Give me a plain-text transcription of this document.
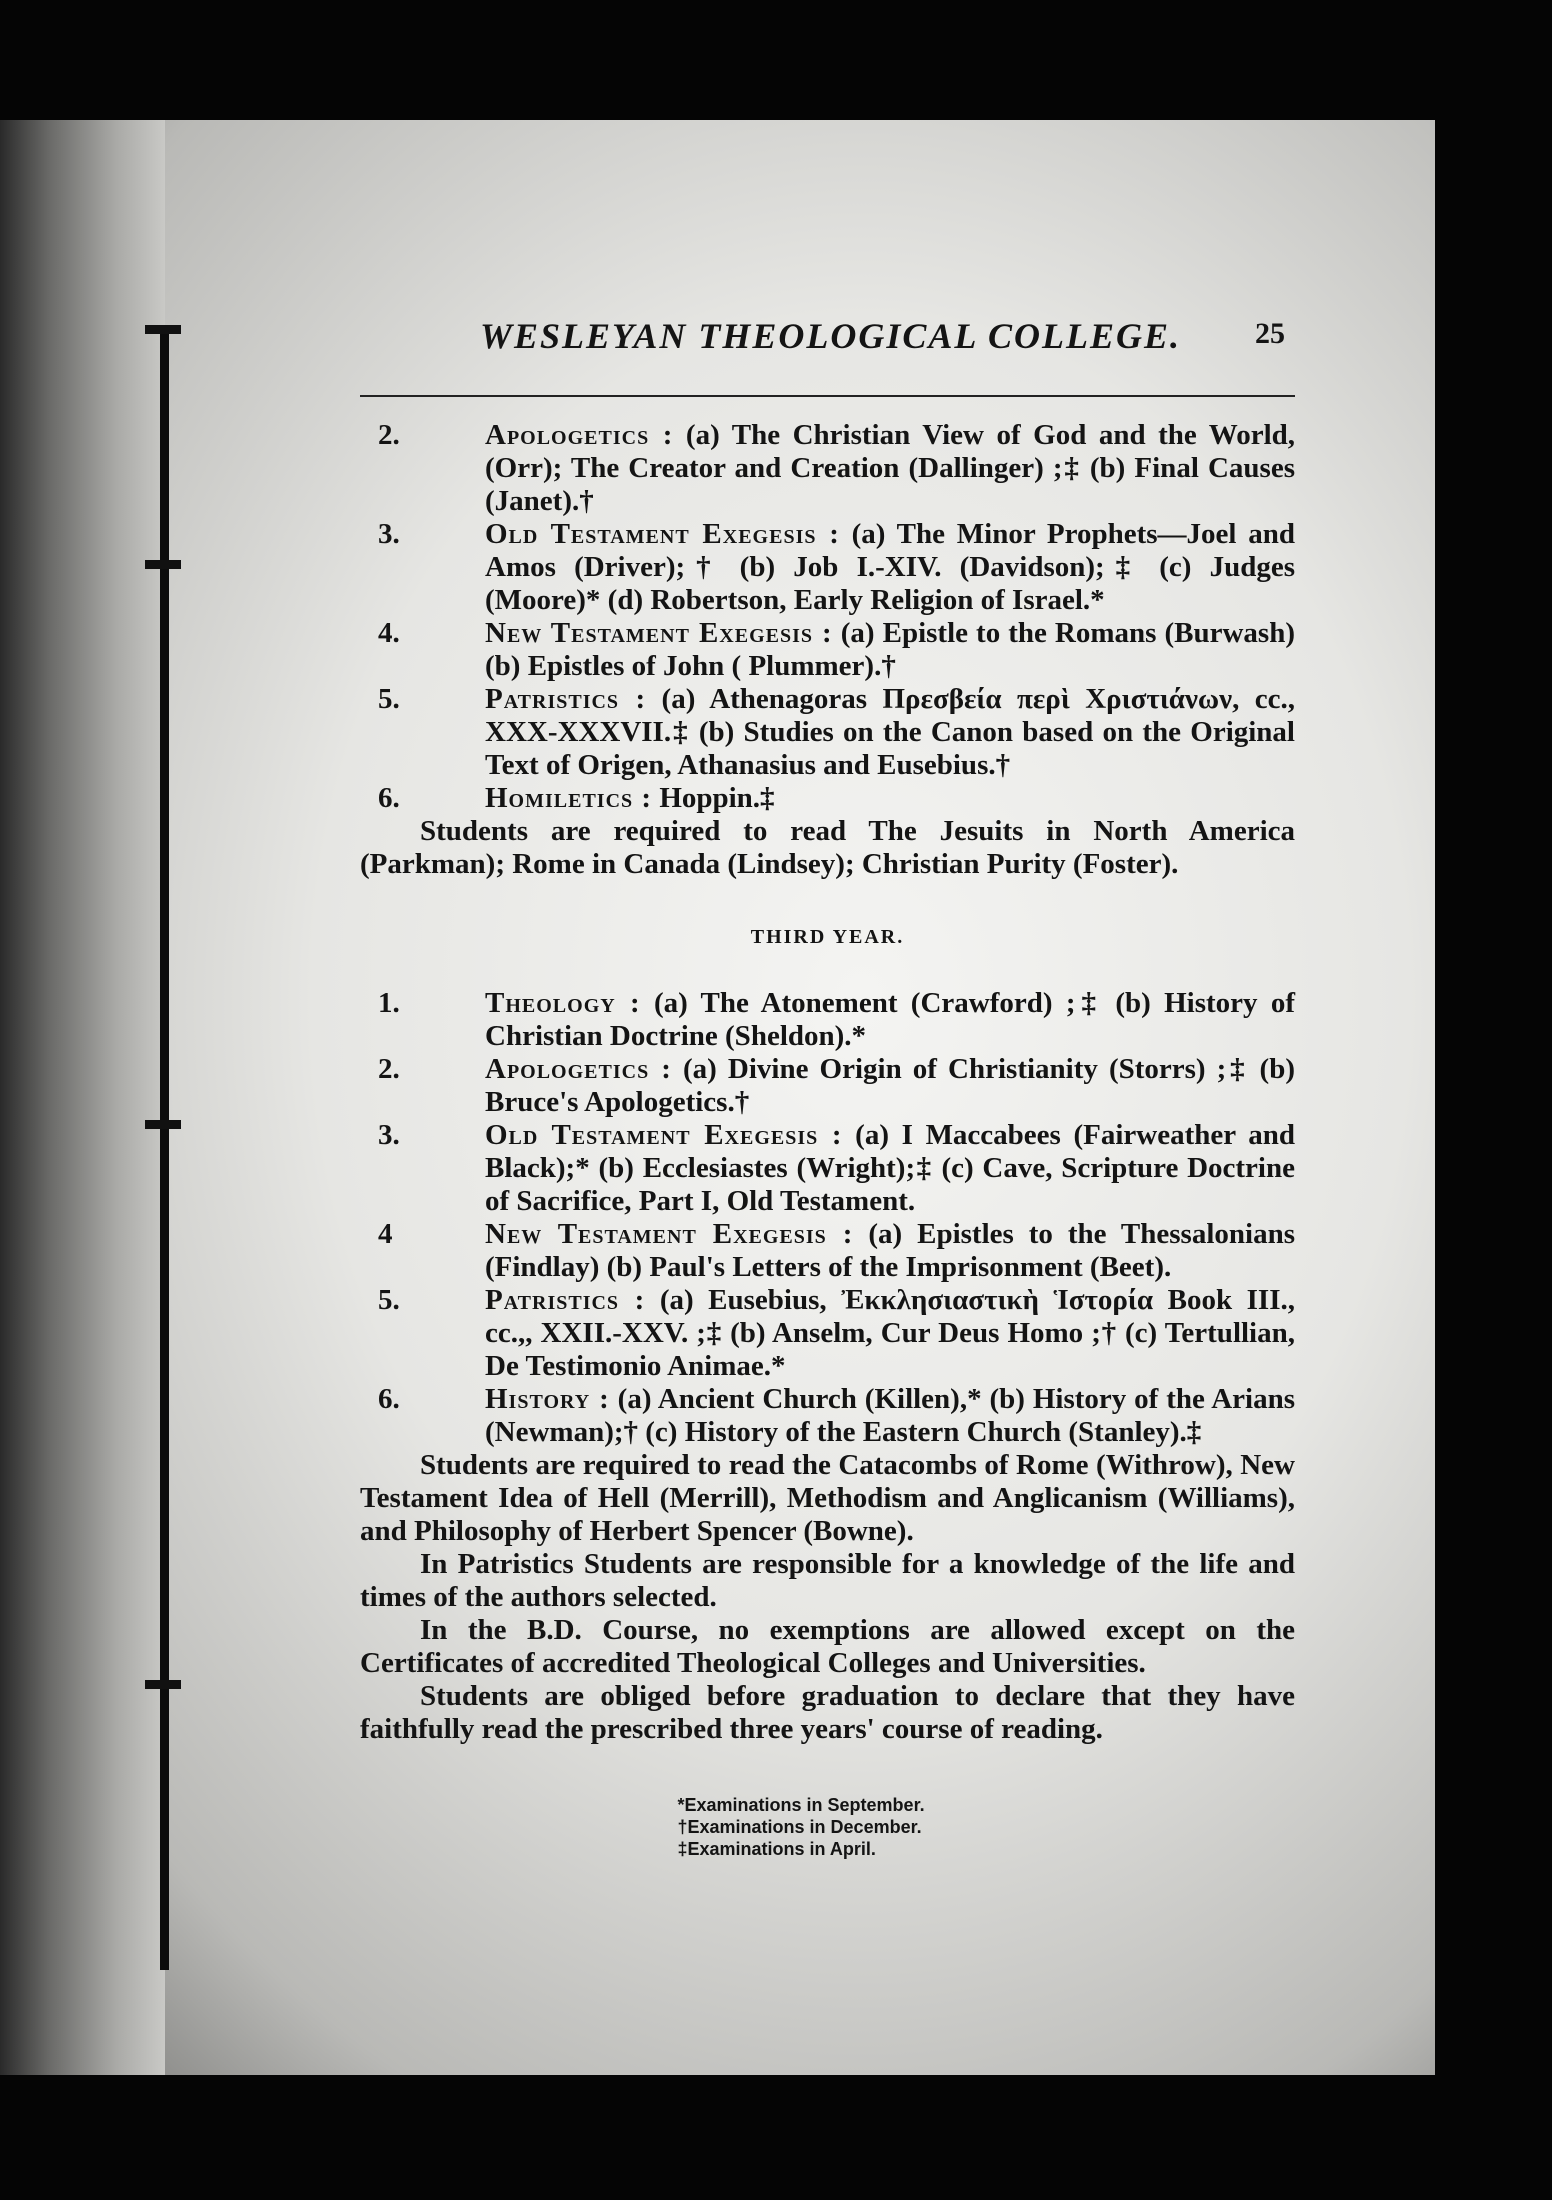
WESLEYAN THEOLOGICAL COLLEGE. 25
2.	Apologetics : (a) The Christian View of God and the World, (Orr); The Creator and Creation (Dallinger) ;‡ (b) Final Causes (Janet).†
3.	Old Testament Exegesis : (a) The Minor Prophets—Joel and Amos (Driver);† (b) Job I.-XIV. (Davidson);‡ (c) Judges (Moore)* (d) Robertson, Early Religion of Israel.*
4.	New Testament Exegesis : (a) Epistle to the Romans (Burwash) (b) Epistles of John ( Plummer).†
5.	Patristics : (a) Athenagoras Πρεσβεία περὶ Χριστιάνων, cc., XXX-XXXVII.‡ (b) Studies on the Canon based on the Original Text of Origen, Athanasius and Eusebius.†
6.	Homiletics : Hoppin.‡
Students are required to read The Jesuits in North America (Parkman); Rome in Canada (Lindsey); Christian Purity (Foster).
THIRD YEAR.
1.	Theology : (a) The Atonement (Crawford) ;‡ (b) History of Christian Doctrine (Sheldon).*
2.	Apologetics : (a) Divine Origin of Christianity (Storrs) ;‡ (b) Bruce's Apologetics.†
3.	Old Testament Exegesis : (a) I Maccabees (Fairweather and Black);* (b) Ecclesiastes (Wright);‡ (c) Cave, Scripture Doctrine of Sacrifice, Part I, Old Testament.
4	New Testament Exegesis : (a) Epistles to the Thessalonians (Findlay) (b) Paul's Letters of the Imprisonment (Beet).
5.	Patristics : (a) Eusebius, Ἐκκλησιαστικὴ Ἱστορία Book III., cc.,, XXII.-XXV. ;‡ (b) Anselm, Cur Deus Homo ;† (c) Tertullian, De Testimonio Animae.*
6.	History : (a) Ancient Church (Killen),* (b) History of the Arians (Newman);† (c) History of the Eastern Church (Stanley).‡
Students are required to read the Catacombs of Rome (Withrow), New Testament Idea of Hell (Merrill), Methodism and Anglicanism (Williams), and Philosophy of Herbert Spencer (Bowne).
In Patristics Students are responsible for a knowledge of the life and times of the authors selected.
In the B.D. Course, no exemptions are allowed except on the Certificates of accredited Theological Colleges and Universities.
Students are obliged before graduation to declare that they have faithfully read the prescribed three years' course of reading.
*Examinations in September.
†Examinations in December.
‡Examinations in April.
